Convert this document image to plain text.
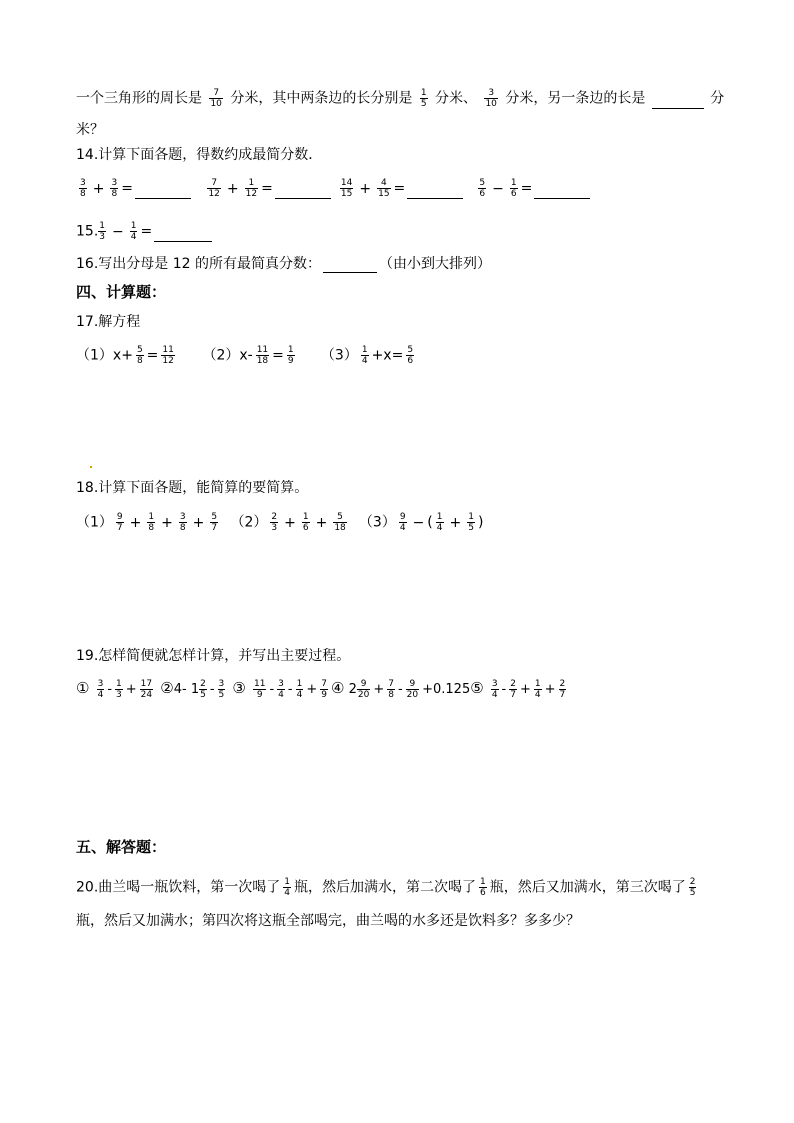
一个三角形的周长是 $\frac{7}{10}$ 分米，其中两条边的长分别是 $\frac{1}{5}$ 分米、 $\frac{3}{10}$ 分米，另一条边的长是	分
米？
14.计算下面各题，得数约成最简分数．
$\frac{3}{8} + \frac{3}{8}$ =	$\frac{7}{12} + \frac{1}{12}$ =	$\frac{14}{15} + \frac{4}{15}$ =	$\frac{5}{6} - \frac{1}{6}$ =
15. $\frac{1}{3} - \frac{1}{4}$ =
16.写出分母是 12 的所有最简真分数：	（由小到大排列）
四、计算题：
17.解方程
$(1)x+ \frac{5}{8} = \frac{11}{12} (2)x- \frac{11}{18} = \frac{1}{9} (3) \frac{1}{4} +x= \frac{5}{6}$
18.计算下面各题，能简算的要简算。
$(1) \frac{9}{7} + \frac{1}{8} + \frac{3}{8} + \frac{5}{7} (2) \frac{2}{3} + \frac{1}{6} + \frac{5}{18} (3) \frac{9}{4}$ − ( $\frac{1}{4} + \frac{1}{5}$ )
19.怎样简便就怎样计算，并写出主要过程。
① $\frac{3}{4} - \frac{1}{3} + \frac{17}{24}$ ②4- $1 \frac{2}{5} - \frac{3}{5}$ ③ $\frac{11}{9} - \frac{3}{4} - \frac{1}{4} + \frac{7}{9}$ ④ $2 \frac{9}{20} + \frac{7}{8} - \frac{9}{20}$ +0.125⑤ $\frac{3}{4} - \frac{2}{7} + \frac{1}{4} + \frac{2}{7}$
五、解答题：
20.曲兰喝一瓶饮料，第一次喝了 $\frac{1}{4}$ 瓶，然后加满水，第二次喝了 $\frac{1}{6}$ 瓶，然后又加满水，第三次喝了 $\frac{2}{5}$
瓶，然后又加满水；第四次将这瓶全部喝完，曲兰喝的水多还是饮料多？多多少？
